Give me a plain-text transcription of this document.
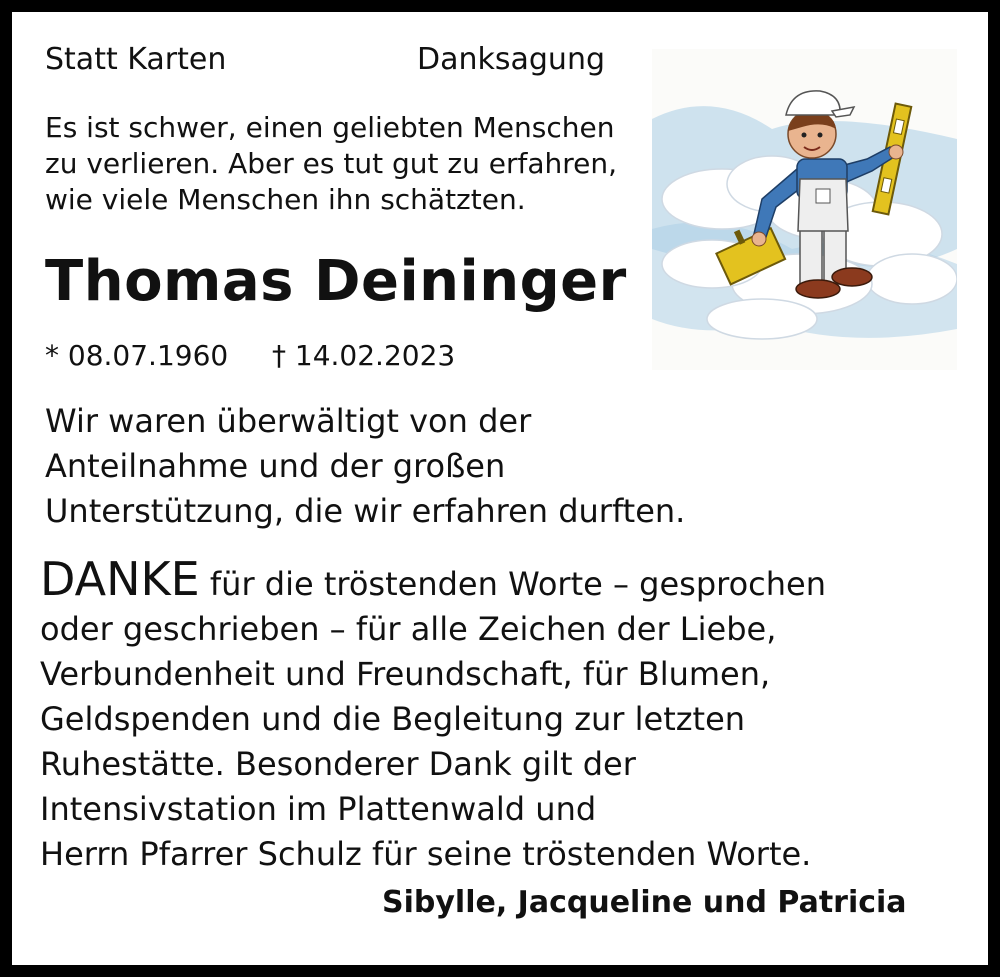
Statt Karten	Danksagung
Es ist schwer, einen geliebten Menschen
zu verlieren. Aber es tut gut zu erfahren,
wie viele Menschen ihn schätzten.
Thomas Deininger
* 08.07.1960 † 14.02.2023
Wir waren überwältigt von der
Anteilnahme und der großen
Unterstützung, die wir erfahren durften.
DANKE für die tröstenden Worte – gesprochen
oder geschrieben – für alle Zeichen der Liebe,
Verbundenheit und Freundschaft, für Blumen,
Geldspenden und die Begleitung zur letzten
Ruhestätte. Besonderer Dank gilt der
Intensivstation im Plattenwald und
Herrn Pfarrer Schulz für seine tröstenden Worte.
Sibylle, Jacqueline und Patricia
